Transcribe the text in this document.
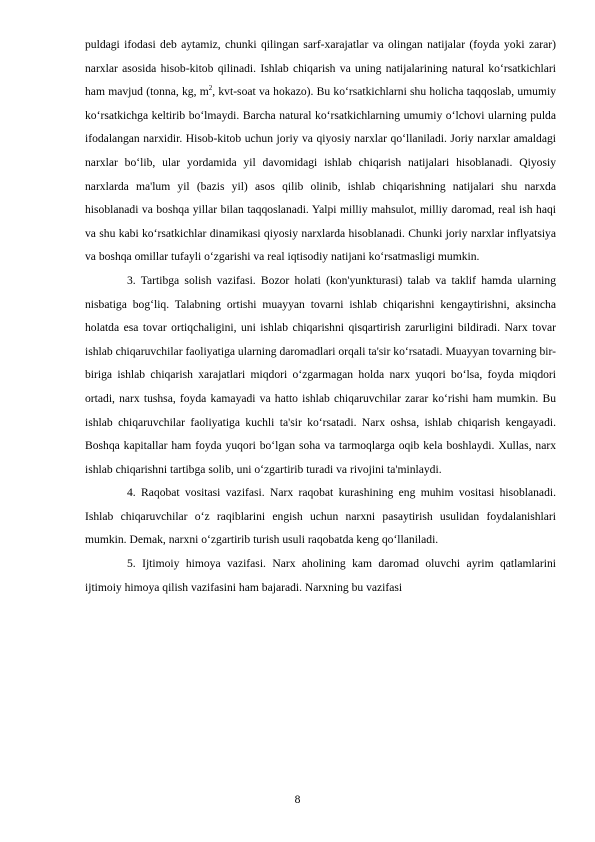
puldagi ifodasi deb aytamiz, chunki qilingan sarf-xarajatlar va olingan natijalar (foyda yoki zarar) narxlar asosida hisob-kitob qilinadi. Ishlab chiqarish va uning natijalarining natural ko‘rsatkichlari ham mavjud (tonna, kg, $m^2$, kvt-soat va hokazo). Bu ko‘rsatkichlarni shu holicha taqqoslab, umumiy ko‘rsatkichga keltirib bo‘lmaydi. Barcha natural ko‘rsatkichlarning umumiy o‘lchovi ularning pulda ifodalangan narxidir. Hisob-kitob uchun joriy va qiyosiy narxlar qo‘llaniladi. Joriy narxlar amaldagi narxlar bo‘lib, ular yordamida yil davomidagi ishlab chiqarish natijalari hisoblanadi. Qiyosiy narxlarda ma'lum yil (bazis yil) asos qilib olinib, ishlab chiqarishning natijalari shu narxda hisoblanadi va boshqa yillar bilan taqqoslanadi. Yalpi milliy mahsulot, milliy daromad, real ish haqi va shu kabi ko‘rsatkichlar dinamikasi qiyosiy narxlarda hisoblanadi. Chunki joriy narxlar inflyatsiya va boshqa omillar tufayli o‘zgarishi va real iqtisodiy natijani ko‘rsatmasligi mumkin.

3. Tartibga solish vazifasi. Bozor holati (kon'yunkturasi) talab va taklif hamda ularning nisbatiga bog‘liq. Talabning ortishi muayyan tovarni ishlab chiqarishni kengaytirishni, aksincha holatda esa tovar ortiqchaligini, uni ishlab chiqarishni qisqartirish zarurligini bildiradi. Narx tovar ishlab chiqaruvchilar faoliyatiga ularning daromadlari orqali ta'sir ko‘rsatadi. Muayyan tovarning bir-biriga ishlab chiqarish xarajatlari miqdori o‘zgarmagan holda narx yuqori bo‘lsa, foyda miqdori ortadi, narx tushsa, foyda kamayadi va hatto ishlab chiqaruvchilar zarar ko‘rishi ham mumkin. Bu ishlab chiqaruvchilar faoliyatiga kuchli ta'sir ko‘rsatadi. Narx oshsa, ishlab chiqarish kengayadi. Boshqa kapitallar ham foyda yuqori bo‘lgan soha va tarmoqlarga oqib kela boshlaydi. Xullas, narx ishlab chiqarishni tartibga solib, uni o‘zgartirib turadi va rivojini ta'minlaydi.

4. Raqobat vositasi vazifasi. Narx raqobat kurashining eng muhim vositasi hisoblanadi. Ishlab chiqaruvchilar o‘z raqiblarini engish uchun narxni pasaytirish usulidan foydalanishlari mumkin. Demak, narxni o‘zgartirib turish usuli raqobatda keng qo‘llaniladi.

5. Ijtimoiy himoya vazifasi. Narx aholining kam daromad oluvchi ayrim qatlamlarini ijtimoiy himoya qilish vazifasini ham bajaradi. Narxning bu vazifasi

8
